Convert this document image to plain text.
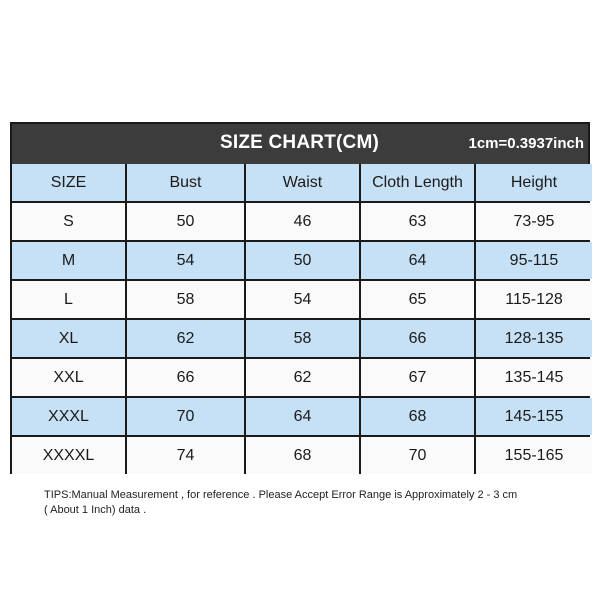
SIZE CHART(CM)	1cm=0.3937inch
SIZE	Bust	Waist	Cloth Length	Height
S	50	46	63	73-95
M	54	50	64	95-115
L	58	54	65	115-128
XL	62	58	66	128-135
XXL	66	62	67	135-145
XXXL	70	64	68	145-155
XXXXL	74	68	70	155-165
TIPS:Manual Measurement , for reference . Please Accept Error Range is Approximately 2 - 3 cm
( About 1 Inch) data .
